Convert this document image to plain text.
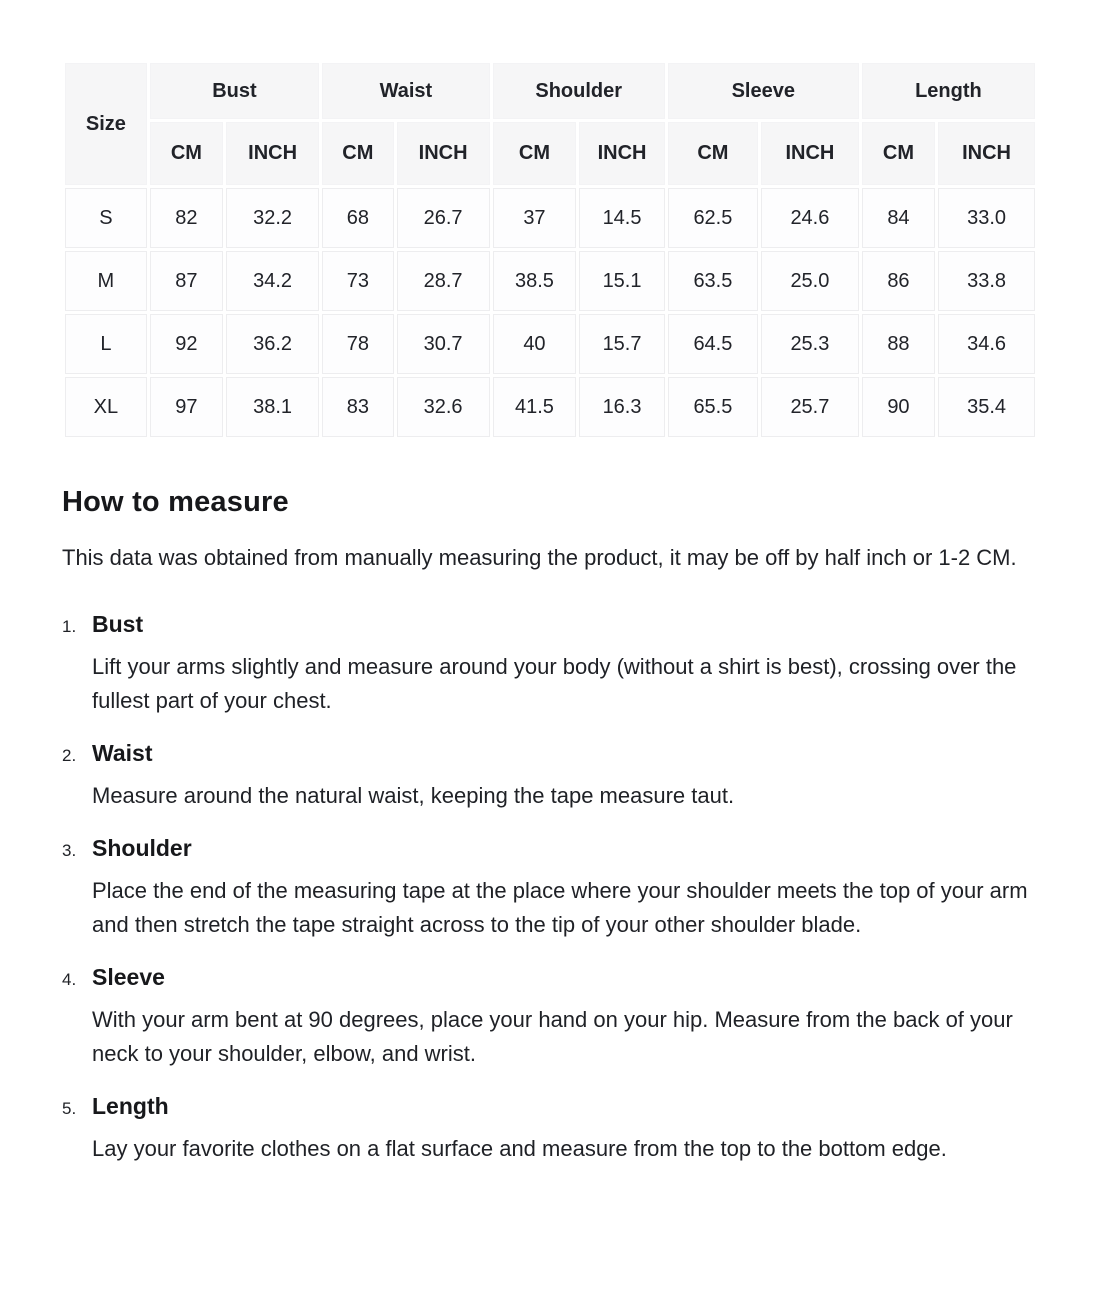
Size	Bust		Waist		Shoulder		Sleeve		Length	
	CM	INCH	CM	INCH	CM	INCH	CM	INCH	CM	INCH
S	82	32.2	68	26.7	37	14.5	62.5	24.6	84	33.0
M	87	34.2	73	28.7	38.5	15.1	63.5	25.0	86	33.8
L	92	36.2	78	30.7	40	15.7	64.5	25.3	88	34.6
XL	97	38.1	83	32.6	41.5	16.3	65.5	25.7	90	35.4
How to measure

This data was obtained from manually measuring the product, it may be off by half inch or 1-2 CM.

1. Bust

Lift your arms slightly and measure around your body (without a shirt is best), crossing over the fullest part of your chest.

2. Waist

Measure around the natural waist, keeping the tape measure taut.

3. Shoulder

Place the end of the measuring tape at the place where your shoulder meets the top of your arm and then stretch the tape straight across to the tip of your other shoulder blade.

4. Sleeve

With your arm bent at 90 degrees, place your hand on your hip. Measure from the back of your neck to your shoulder, elbow, and wrist.

5. Length

Lay your favorite clothes on a flat surface and measure from the top to the bottom edge.
